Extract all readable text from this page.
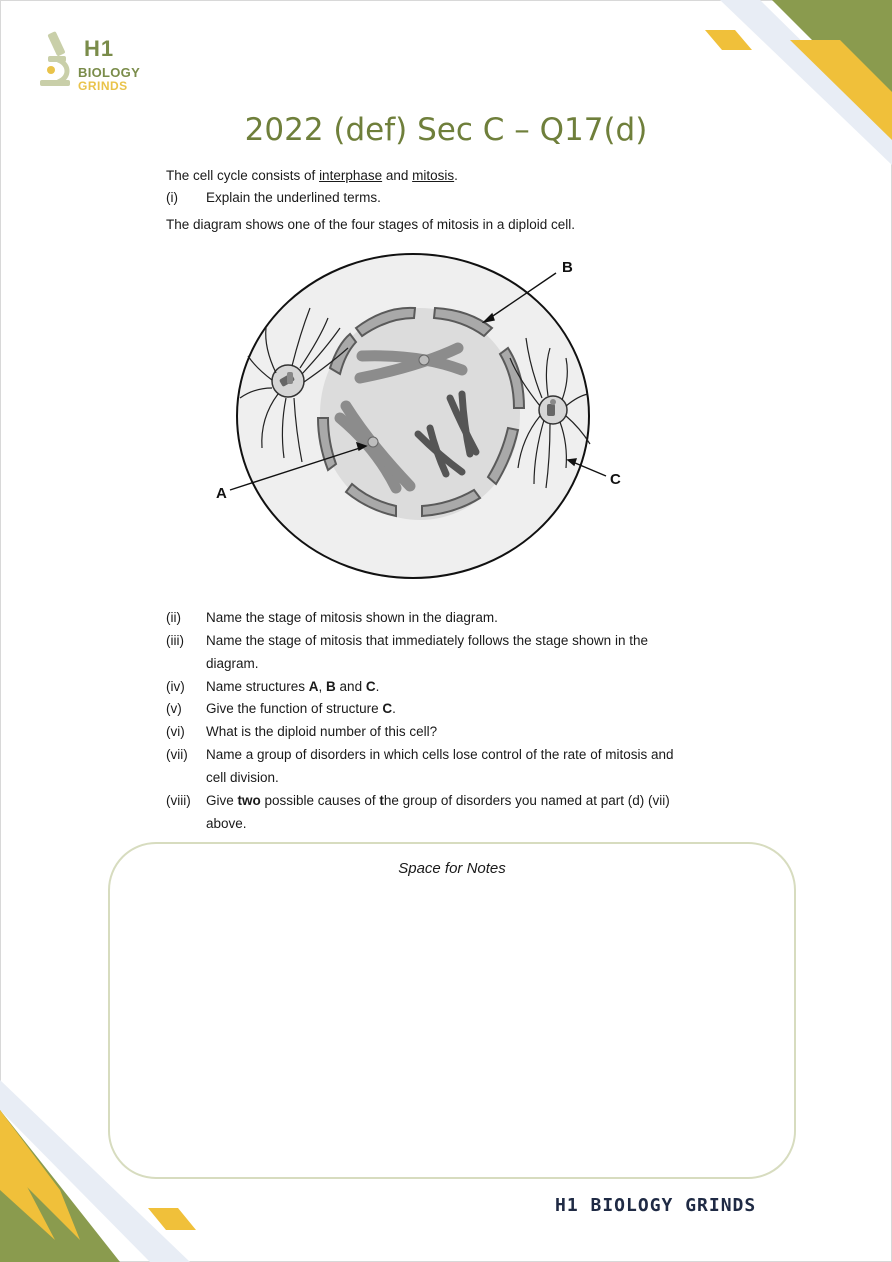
H1
BIOLOGY
GRINDS
2022 (def) Sec C – Q17(d)
The cell cycle consists of interphase and mitosis.
(i) Explain the underlined terms.
The diagram shows one of the four stages of mitosis in a diploid cell.
B
A
C
(ii)	Name the stage of mitosis shown in the diagram.
(iii)	Name the stage of mitosis that immediately follows the stage shown in the
diagram.
(iv)	Name structures A, B and C.
(v)	Give the function of structure C.
(vi)	What is the diploid number of this cell?
(vii)	Name a group of disorders in which cells lose control of the rate of mitosis and
cell division.
(viii)	Give two possible causes of the group of disorders you named at part (d) (vii)
above.
Space for Notes
H1 BIOLOGY GRINDS
